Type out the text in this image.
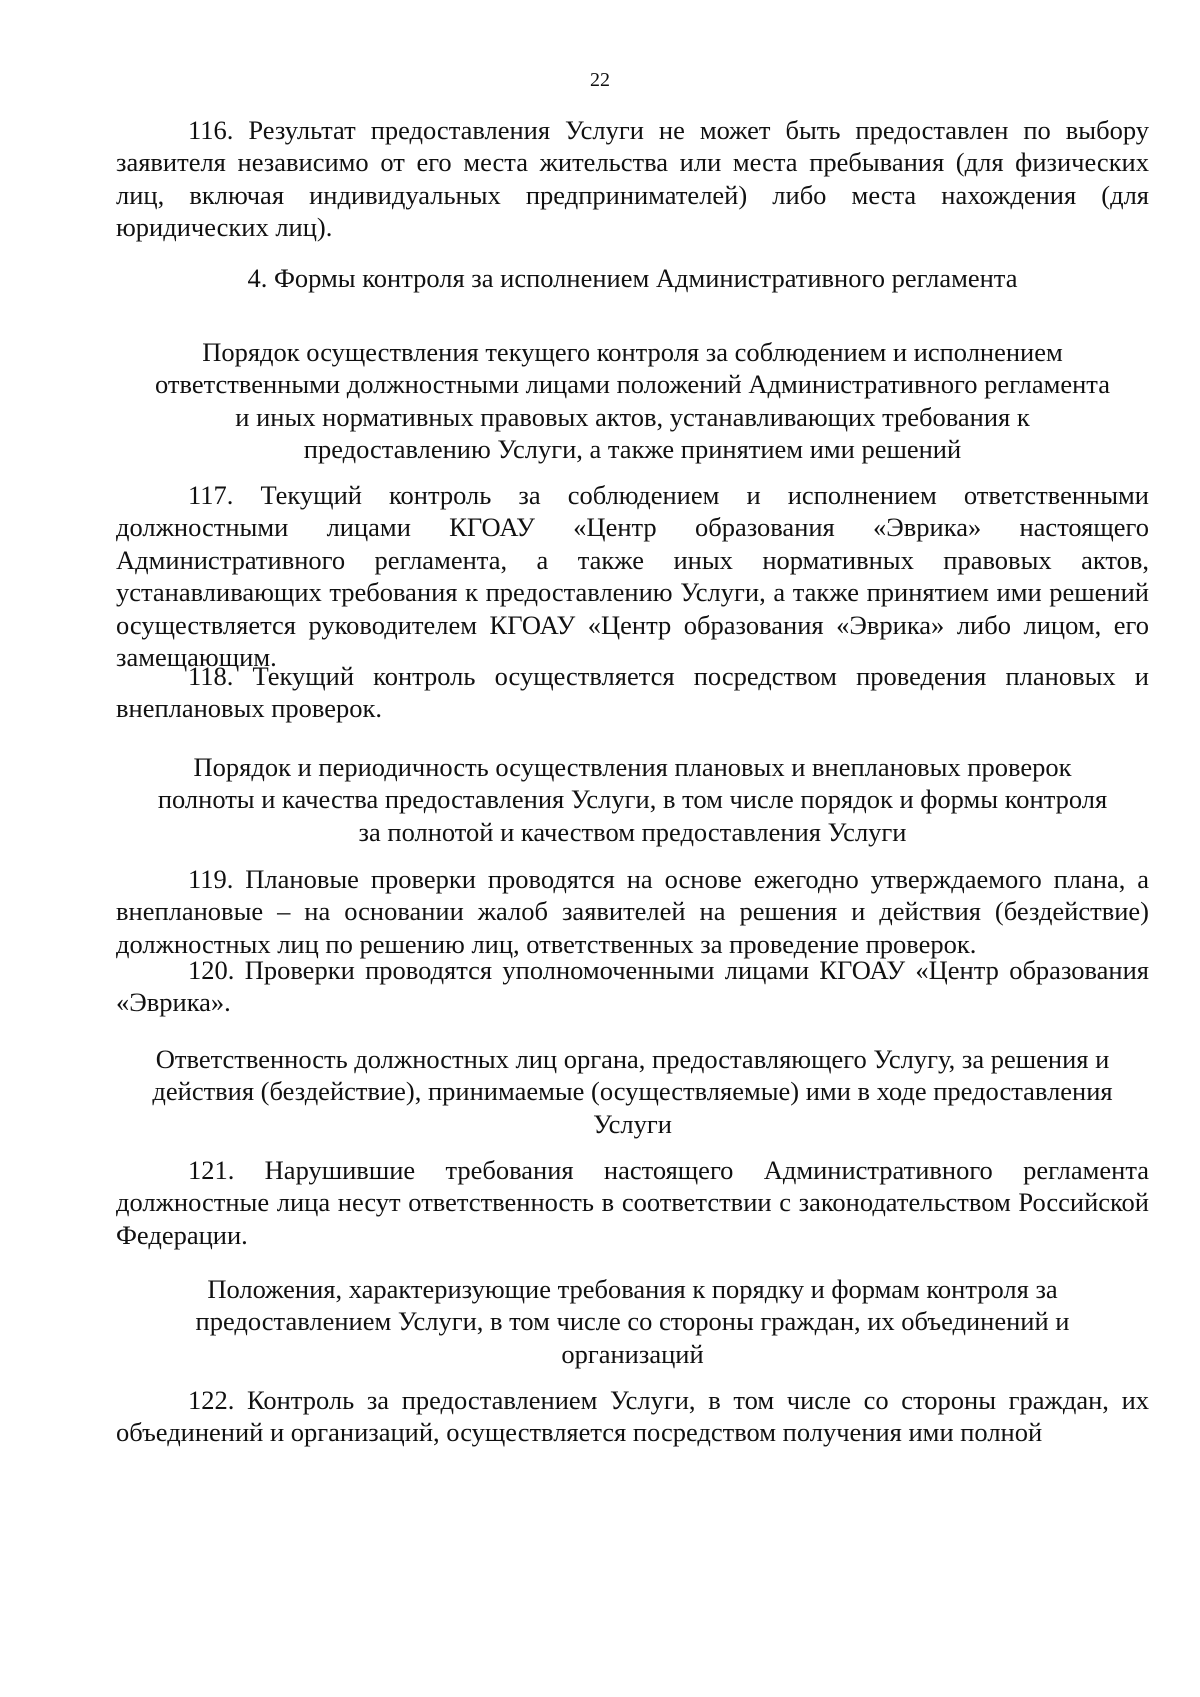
22

116. Результат предоставления Услуги не может быть предоставлен по выбору заявителя независимо от его места жительства или места пребывания (для физических лиц, включая индивидуальных предпринимателей) либо места нахождения (для юридических лиц).

4. Формы контроля за исполнением Административного регламента

Порядок осуществления текущего контроля за соблюдением и исполнением
ответственными должностными лицами положений Административного регламента
и иных нормативных правовых актов, устанавливающих требования к
предоставлению Услуги, а также принятием ими решений

117. Текущий контроль за соблюдением и исполнением ответственными должностными лицами КГОАУ «Центр образования «Эврика» настоящего Административного регламента, а также иных нормативных правовых актов, устанавливающих требования к предоставлению Услуги, а также принятием ими решений осуществляется руководителем КГОАУ «Центр образования «Эврика» либо лицом, его замещающим.

118. Текущий контроль осуществляется посредством проведения плановых и внеплановых проверок.

Порядок и периодичность осуществления плановых и внеплановых проверок
полноты и качества предоставления Услуги, в том числе порядок и формы контроля
за полнотой и качеством предоставления Услуги

119. Плановые проверки проводятся на основе ежегодно утверждаемого плана, а внеплановые – на основании жалоб заявителей на решения и действия (бездействие) должностных лиц по решению лиц, ответственных за проведение проверок.

120. Проверки проводятся уполномоченными лицами КГОАУ «Центр образования «Эврика».

Ответственность должностных лиц органа, предоставляющего Услугу, за решения и
действия (бездействие), принимаемые (осуществляемые) ими в ходе предоставления
Услуги

121. Нарушившие требования настоящего Административного регламента должностные лица несут ответственность в соответствии с законодательством Российской Федерации.

Положения, характеризующие требования к порядку и формам контроля за
предоставлением Услуги, в том числе со стороны граждан, их объединений и
организаций

122. Контроль за предоставлением Услуги, в том числе со стороны граждан, их объединений и организаций, осуществляется посредством получения ими полной
